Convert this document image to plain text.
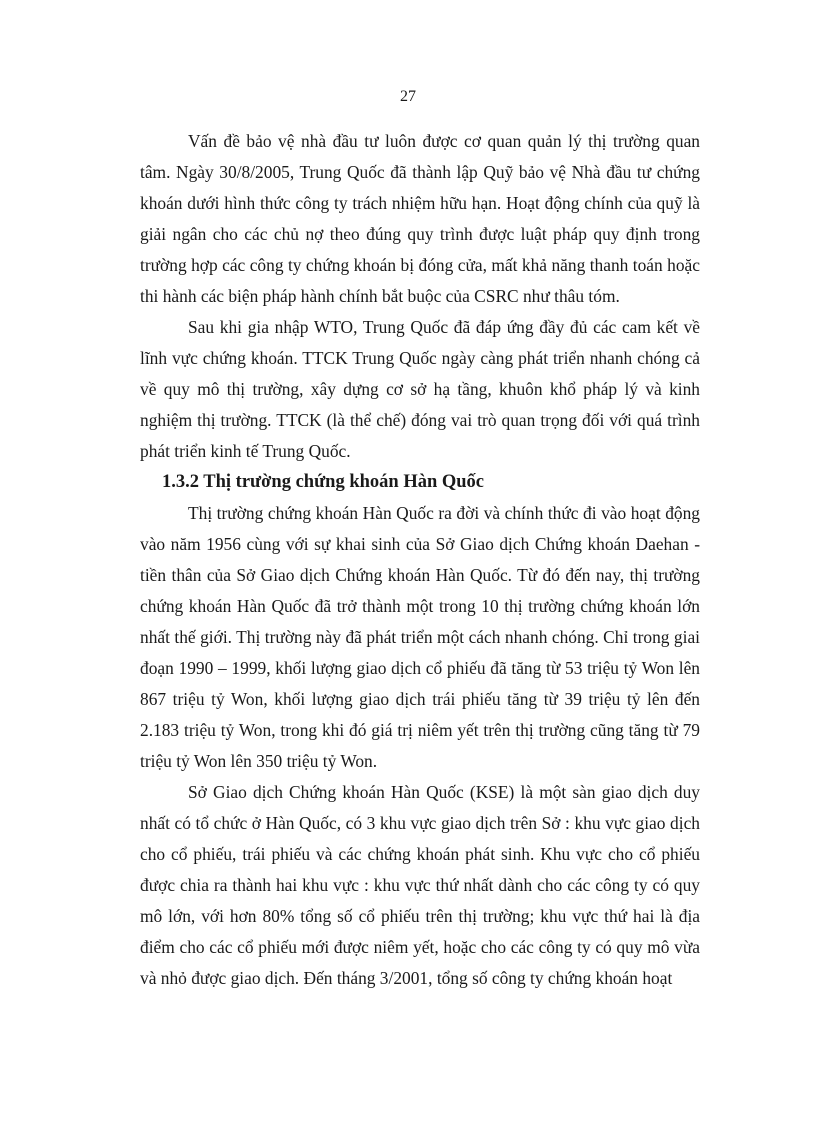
27

Vấn đề bảo vệ nhà đầu tư luôn được cơ quan quản lý thị trường quan tâm. Ngày 30/8/2005, Trung Quốc đã thành lập Quỹ bảo vệ Nhà đầu tư chứng khoán dưới hình thức công ty trách nhiệm hữu hạn. Hoạt động chính của quỹ là giải ngân cho các chủ nợ theo đúng quy trình được luật pháp quy định trong trường hợp các công ty chứng khoán bị đóng cửa, mất khả năng thanh toán hoặc thi hành các biện pháp hành chính bắt buộc của CSRC như thâu tóm.

Sau khi gia nhập WTO, Trung Quốc đã đáp ứng đầy đủ các cam kết về lĩnh vực chứng khoán. TTCK Trung Quốc ngày càng phát triển nhanh chóng cả về quy mô thị trường, xây dựng cơ sở hạ tầng, khuôn khổ pháp lý và kinh nghiệm thị trường. TTCK (là thể chế) đóng vai trò quan trọng đối với quá trình phát triển kinh tế Trung Quốc.

1.3.2 Thị trường chứng khoán Hàn Quốc

Thị trường chứng khoán Hàn Quốc ra đời và chính thức đi vào hoạt động vào năm 1956 cùng với sự khai sinh của Sở Giao dịch Chứng khoán Daehan - tiền thân của Sở Giao dịch Chứng khoán Hàn Quốc. Từ đó đến nay, thị trường chứng khoán Hàn Quốc đã trở thành một trong 10 thị trường chứng khoán lớn nhất thế giới. Thị trường này đã phát triển một cách nhanh chóng. Chỉ trong giai đoạn 1990 – 1999, khối lượng giao dịch cổ phiếu đã tăng từ 53 triệu tỷ Won lên 867 triệu tỷ Won, khối lượng giao dịch trái phiếu tăng từ 39 triệu tỷ lên đến 2.183 triệu tỷ Won, trong khi đó giá trị niêm yết trên thị trường cũng tăng từ 79 triệu tỷ Won lên 350 triệu tỷ Won.

Sở Giao dịch Chứng khoán Hàn Quốc (KSE) là một sàn giao dịch duy nhất có tổ chức ở Hàn Quốc, có 3 khu vực giao dịch trên Sở : khu vực giao dịch cho cổ phiếu, trái phiếu và các chứng khoán phát sinh. Khu vực cho cổ phiếu được chia ra thành hai khu vực : khu vực thứ nhất dành cho các công ty có quy mô lớn, với hơn 80% tổng số cổ phiếu trên thị trường; khu vực thứ hai là địa điểm cho các cổ phiếu mới được niêm yết, hoặc cho các công ty có quy mô vừa và nhỏ được giao dịch. Đến tháng 3/2001, tổng số công ty chứng khoán hoạt
